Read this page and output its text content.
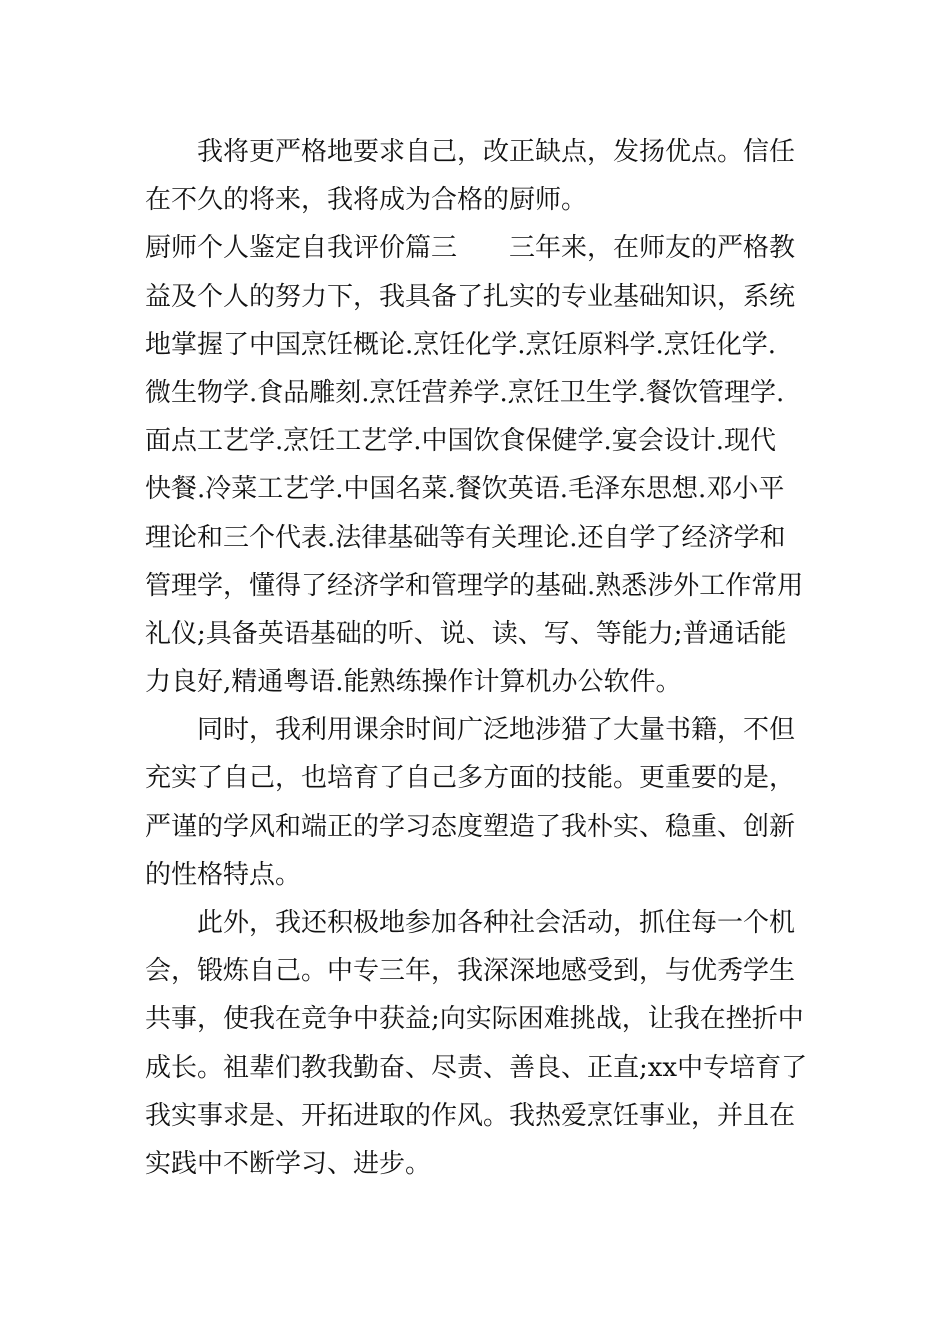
我将更严格地要求自己，改正缺点，发扬优点。信任
在不久的将来，我将成为合格的厨师。
厨师个人鉴定自我评价篇三　　三年来，在师友的严格教
益及个人的努力下，我具备了扎实的专业基础知识，系统
地掌握了中国烹饪概论.烹饪化学.烹饪原料学.烹饪化学.
微生物学.食品雕刻.烹饪营养学.烹饪卫生学.餐饮管理学.
面点工艺学.烹饪工艺学.中国饮食保健学.宴会设计.现代
快餐.冷菜工艺学.中国名菜.餐饮英语.毛泽东思想.邓小平
理论和三个代表.法律基础等有关理论.还自学了经济学和
管理学，懂得了经济学和管理学的基础.熟悉涉外工作常用
礼仪;具备英语基础的听、说、读、写、等能力;普通话能
力良好,精通粤语.能熟练操作计算机办公软件。
同时，我利用课余时间广泛地涉猎了大量书籍，不但
充实了自己，也培育了自己多方面的技能。更重要的是，
严谨的学风和端正的学习态度塑造了我朴实、稳重、创新
的性格特点。
此外，我还积极地参加各种社会活动，抓住每一个机
会，锻炼自己。中专三年，我深深地感受到，与优秀学生
共事，使我在竞争中获益;向实际困难挑战，让我在挫折中
成长。祖辈们教我勤奋、尽责、善良、正直;xx中专培育了
我实事求是、开拓进取的作风。我热爱烹饪事业，并且在
实践中不断学习、进步。
